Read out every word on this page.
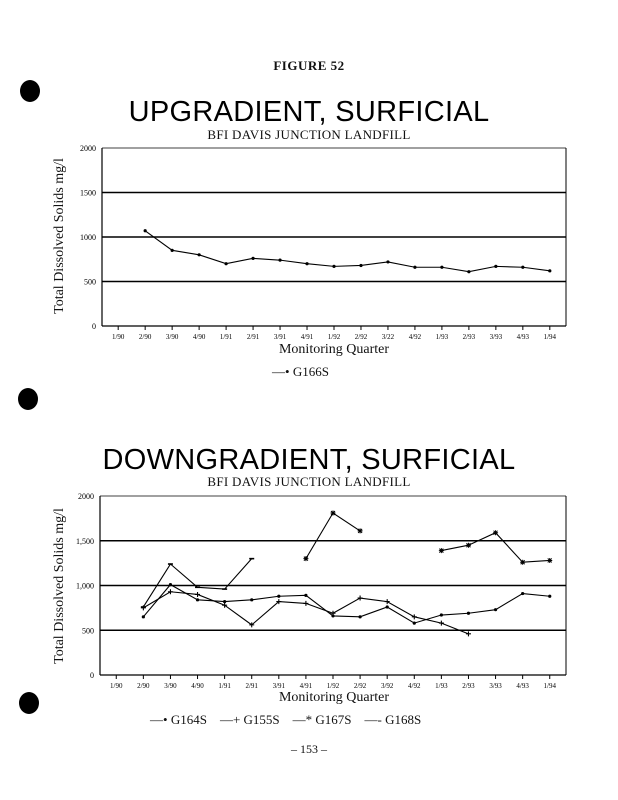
FIGURE 52
UPGRADIENT, SURFICIAL
BFI DAVIS JUNCTION LANDFILL
Total Dissolved Solids mg/l
Monitoring Quarter
—• G166S
DOWNGRADIENT, SURFICIAL
BFI DAVIS JUNCTION LANDFILL
Total Dissolved Solids mg/l
Monitoring Quarter
—• G164S —+ G155S —* G167S —- G168S
– 153 –
0
500
1000
1500
2000
1/90 2/90 3/90 4/90 1/91 2/91 3/91 4/91 1/92 2/92 3/22 4/92 1/93 2/93 3/93 4/93 1/94
0
500
1,000
1,500
2000
1/90 2/90 3/90 4/90 1/91 2/91 3/91 4/91 1/92 2/92 3/92 4/92 1/93 2/93 3/93 4/93 1/94
